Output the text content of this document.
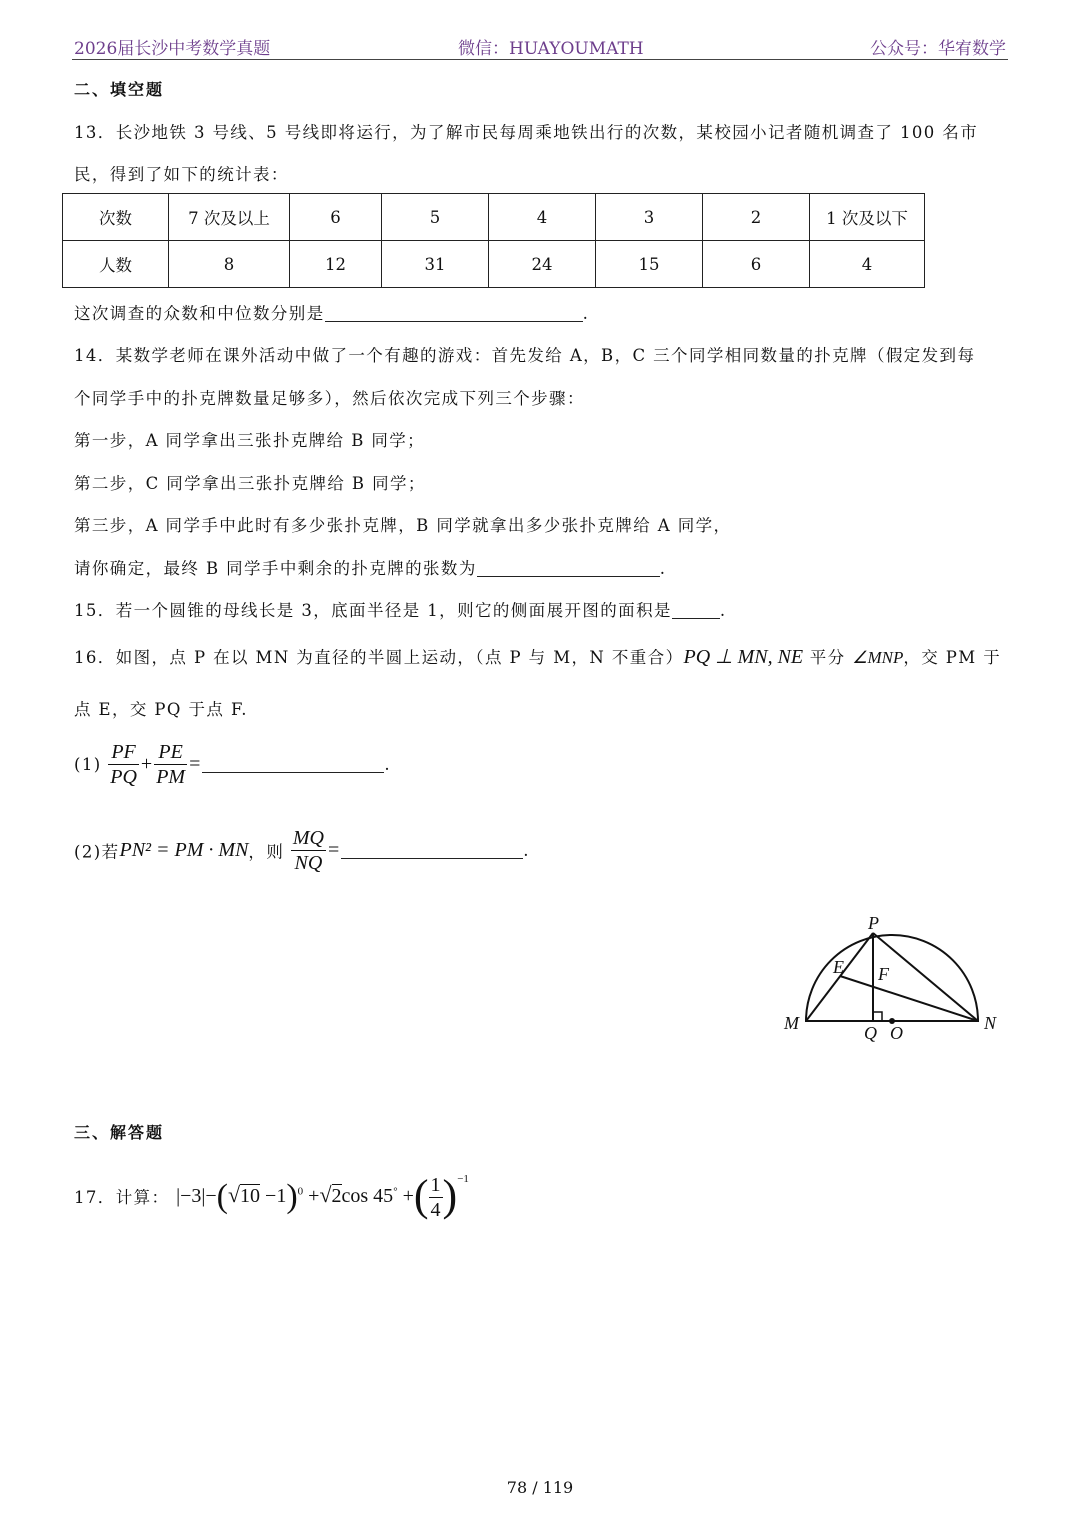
2026届长沙中考数学真题	微信：HUAYOUMATH	公众号：华宥数学
二、填空题
13．长沙地铁 3 号线、5 号线即将运行，为了解市民每周乘地铁出行的次数，某校园小记者随机调查了 100 名市
民，得到了如下的统计表：
次数	7 次及以上	6	5	4	3	2	1 次及以下
人数	8	12	31	24	15	6	4
这次调查的众数和中位数分别是	.
14．某数学老师在课外活动中做了一个有趣的游戏：首先发给 A，B，C 三个同学相同数量的扑克牌（假定发到每
个同学手中的扑克牌数量足够多），然后依次完成下列三个步骤：
第一步，A 同学拿出三张扑克牌给 B 同学；
第二步，C 同学拿出三张扑克牌给 B 同学；
第三步，A 同学手中此时有多少张扑克牌，B 同学就拿出多少张扑克牌给 A 同学，
请你确定，最终 B 同学手中剩余的扑克牌的张数为	.
15．若一个圆锥的母线长是 3，底面半径是 1，则它的侧面展开图的面积是	.
16．如图，点 P 在以 MN 为直径的半圆上运动，（点 P 与 M，N 不重合）PQ ⊥ MN, NE 平分 ∠MNP，交 PM 于
点 E，交 PQ 于点 F.
$(1) \frac{PF}{PQ} + \frac{PE}{PM}$ =	.
(2)若PN² = PM · MN，则 $\frac{MQ}{NQ}$ =	.
P
E F
M	Q O	N
三、解答题
17．计算： $|-3|-(√10 -1)^0 +√2\cos$ 45° +( $\frac{1}{4} )^{-1}$
78 / 119
